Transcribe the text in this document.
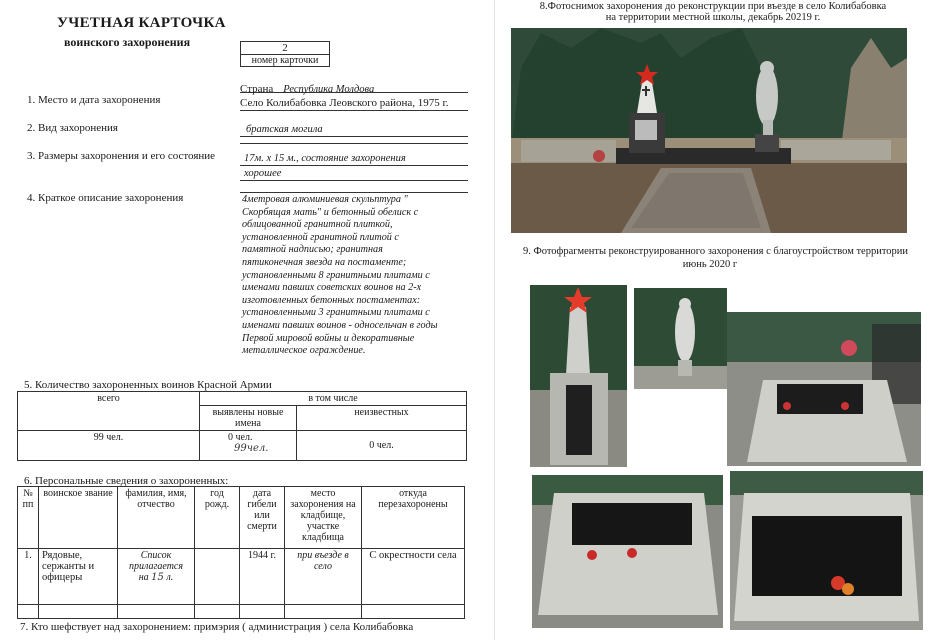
УЧЕТНАЯ КАРТОЧКА
воинского захоронения	2
номер карточки
Страна Республика Молдова
1. Место и дата захоронения	Село Колибабовка Леовского района, 1975 г.
2. Вид захоронения	братская могила
3. Размеры захоронения и его состояние	17м. х 15 м., состояние захоронения
хорошее
4. Краткое описание захоронения	4метровая алюминиевая скульптура "
Скорбящая мать" и бетонный обелиск с
облицованной гранитной плиткой,
установленной гранитной плитой с
памятной надписью; гранитная
пятиконечная звезда на постаменте;
установленными 8 гранитными плитами с
именами павших советских воинов на 2-х
изготовленных бетонных постаментах:
установленными 3 гранитными плитами с
именами павших воинов - односельчан в годы
Первой мировой войны и декоративные
металлическое ограждение.
5. Количество захороненных воинов Красной Армии
всего	в том числе	
	выявлены новые имена	неизвестных
99 чел.	0 чел. 99чел.	0 чел.
6. Персональные сведения о захороненных:
№ пп	воинское звание	фамилия, имя, отчество	год рожд.	дата гибели или смерти	место захоронения на кладбище, участке кладбища	откуда перезахоронены
1.	Рядовые, сержанты и офицеры	Список прилагается
на 15 л.		1944 г.	при въезде в село	С окрестности села

7. Кто шефствует над захоронением: примэрия ( администрация ) села Колибабовка
8.Фотоснимок захоронения до реконструкции при въезде в село Колибабовка
на территории местной школы, декабрь 20219 г.
9. Фотофрагменты реконструированного захоронения с благоустройством территории
июнь 2020 г
